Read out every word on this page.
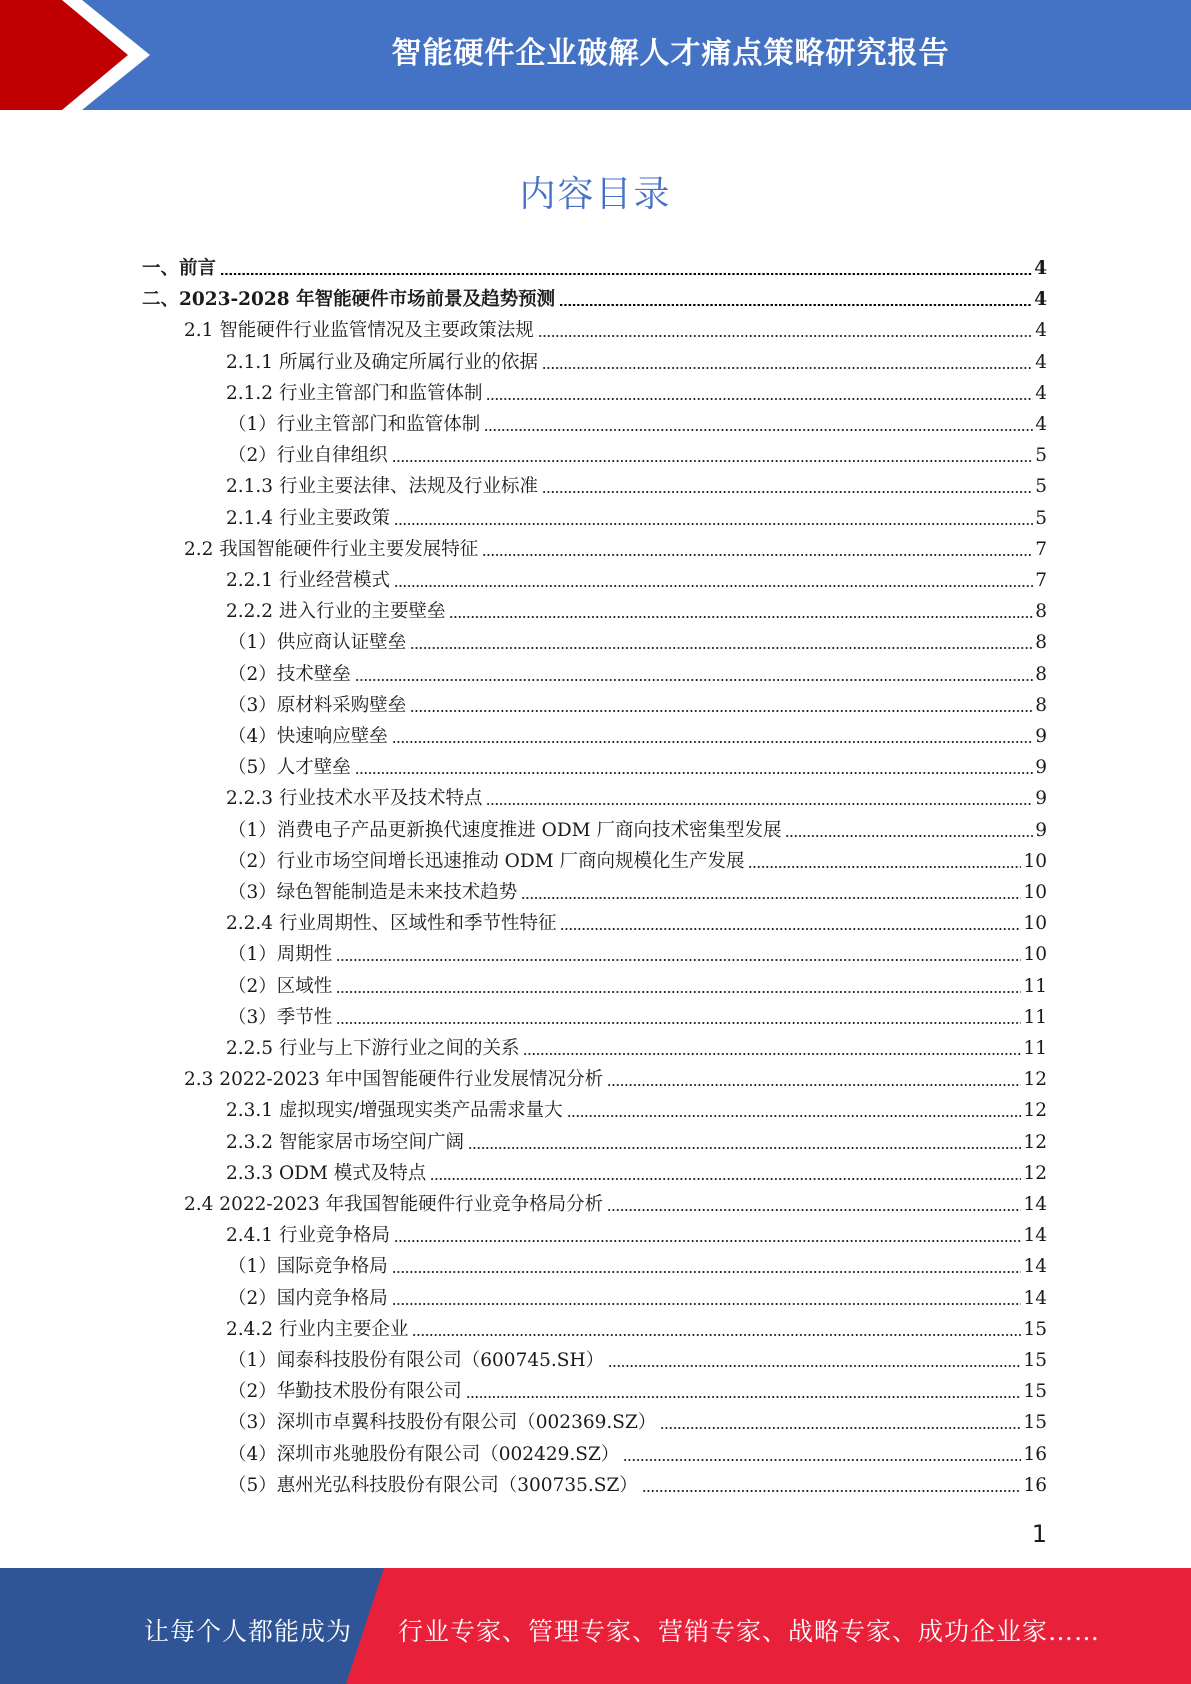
智能硬件企业破解人才痛点策略研究报告
内容目录
一、前言	4
二、2023-2028 年智能硬件市场前景及趋势预测	4
2.1 智能硬件行业监管情况及主要政策法规	4
2.1.1 所属行业及确定所属行业的依据	4
2.1.2 行业主管部门和监管体制	4
（1）行业主管部门和监管体制	4
（2）行业自律组织	5
2.1.3 行业主要法律、法规及行业标准	5
2.1.4 行业主要政策	5
2.2 我国智能硬件行业主要发展特征	7
2.2.1 行业经营模式	7
2.2.2 进入行业的主要壁垒	8
（1）供应商认证壁垒	8
（2）技术壁垒	8
（3）原材料采购壁垒	8
（4）快速响应壁垒	9
（5）人才壁垒	9
2.2.3 行业技术水平及技术特点	9
（1）消费电子产品更新换代速度推进 ODM 厂商向技术密集型发展	9
（2）行业市场空间增长迅速推动 ODM 厂商向规模化生产发展	10
（3）绿色智能制造是未来技术趋势	10
2.2.4 行业周期性、区域性和季节性特征	10
（1）周期性	10
（2）区域性	11
（3）季节性	11
2.2.5 行业与上下游行业之间的关系	11
2.3 2022-2023 年中国智能硬件行业发展情况分析	12
2.3.1 虚拟现实/增强现实类产品需求量大	12
2.3.2 智能家居市场空间广阔	12
2.3.3 ODM 模式及特点	12
2.4 2022-2023 年我国智能硬件行业竞争格局分析	14
2.4.1 行业竞争格局	14
（1）国际竞争格局	14
（2）国内竞争格局	14
2.4.2 行业内主要企业	15
（1）闻泰科技股份有限公司（600745.SH）	15
（2）华勤技术股份有限公司	15
（3）深圳市卓翼科技股份有限公司（002369.SZ）	15
（4）深圳市兆驰股份有限公司（002429.SZ）	16
（5）惠州光弘科技股份有限公司（300735.SZ）	16
1
让每个人都能成为 行业专家、管理专家、营销专家、战略专家、成功企业家……
